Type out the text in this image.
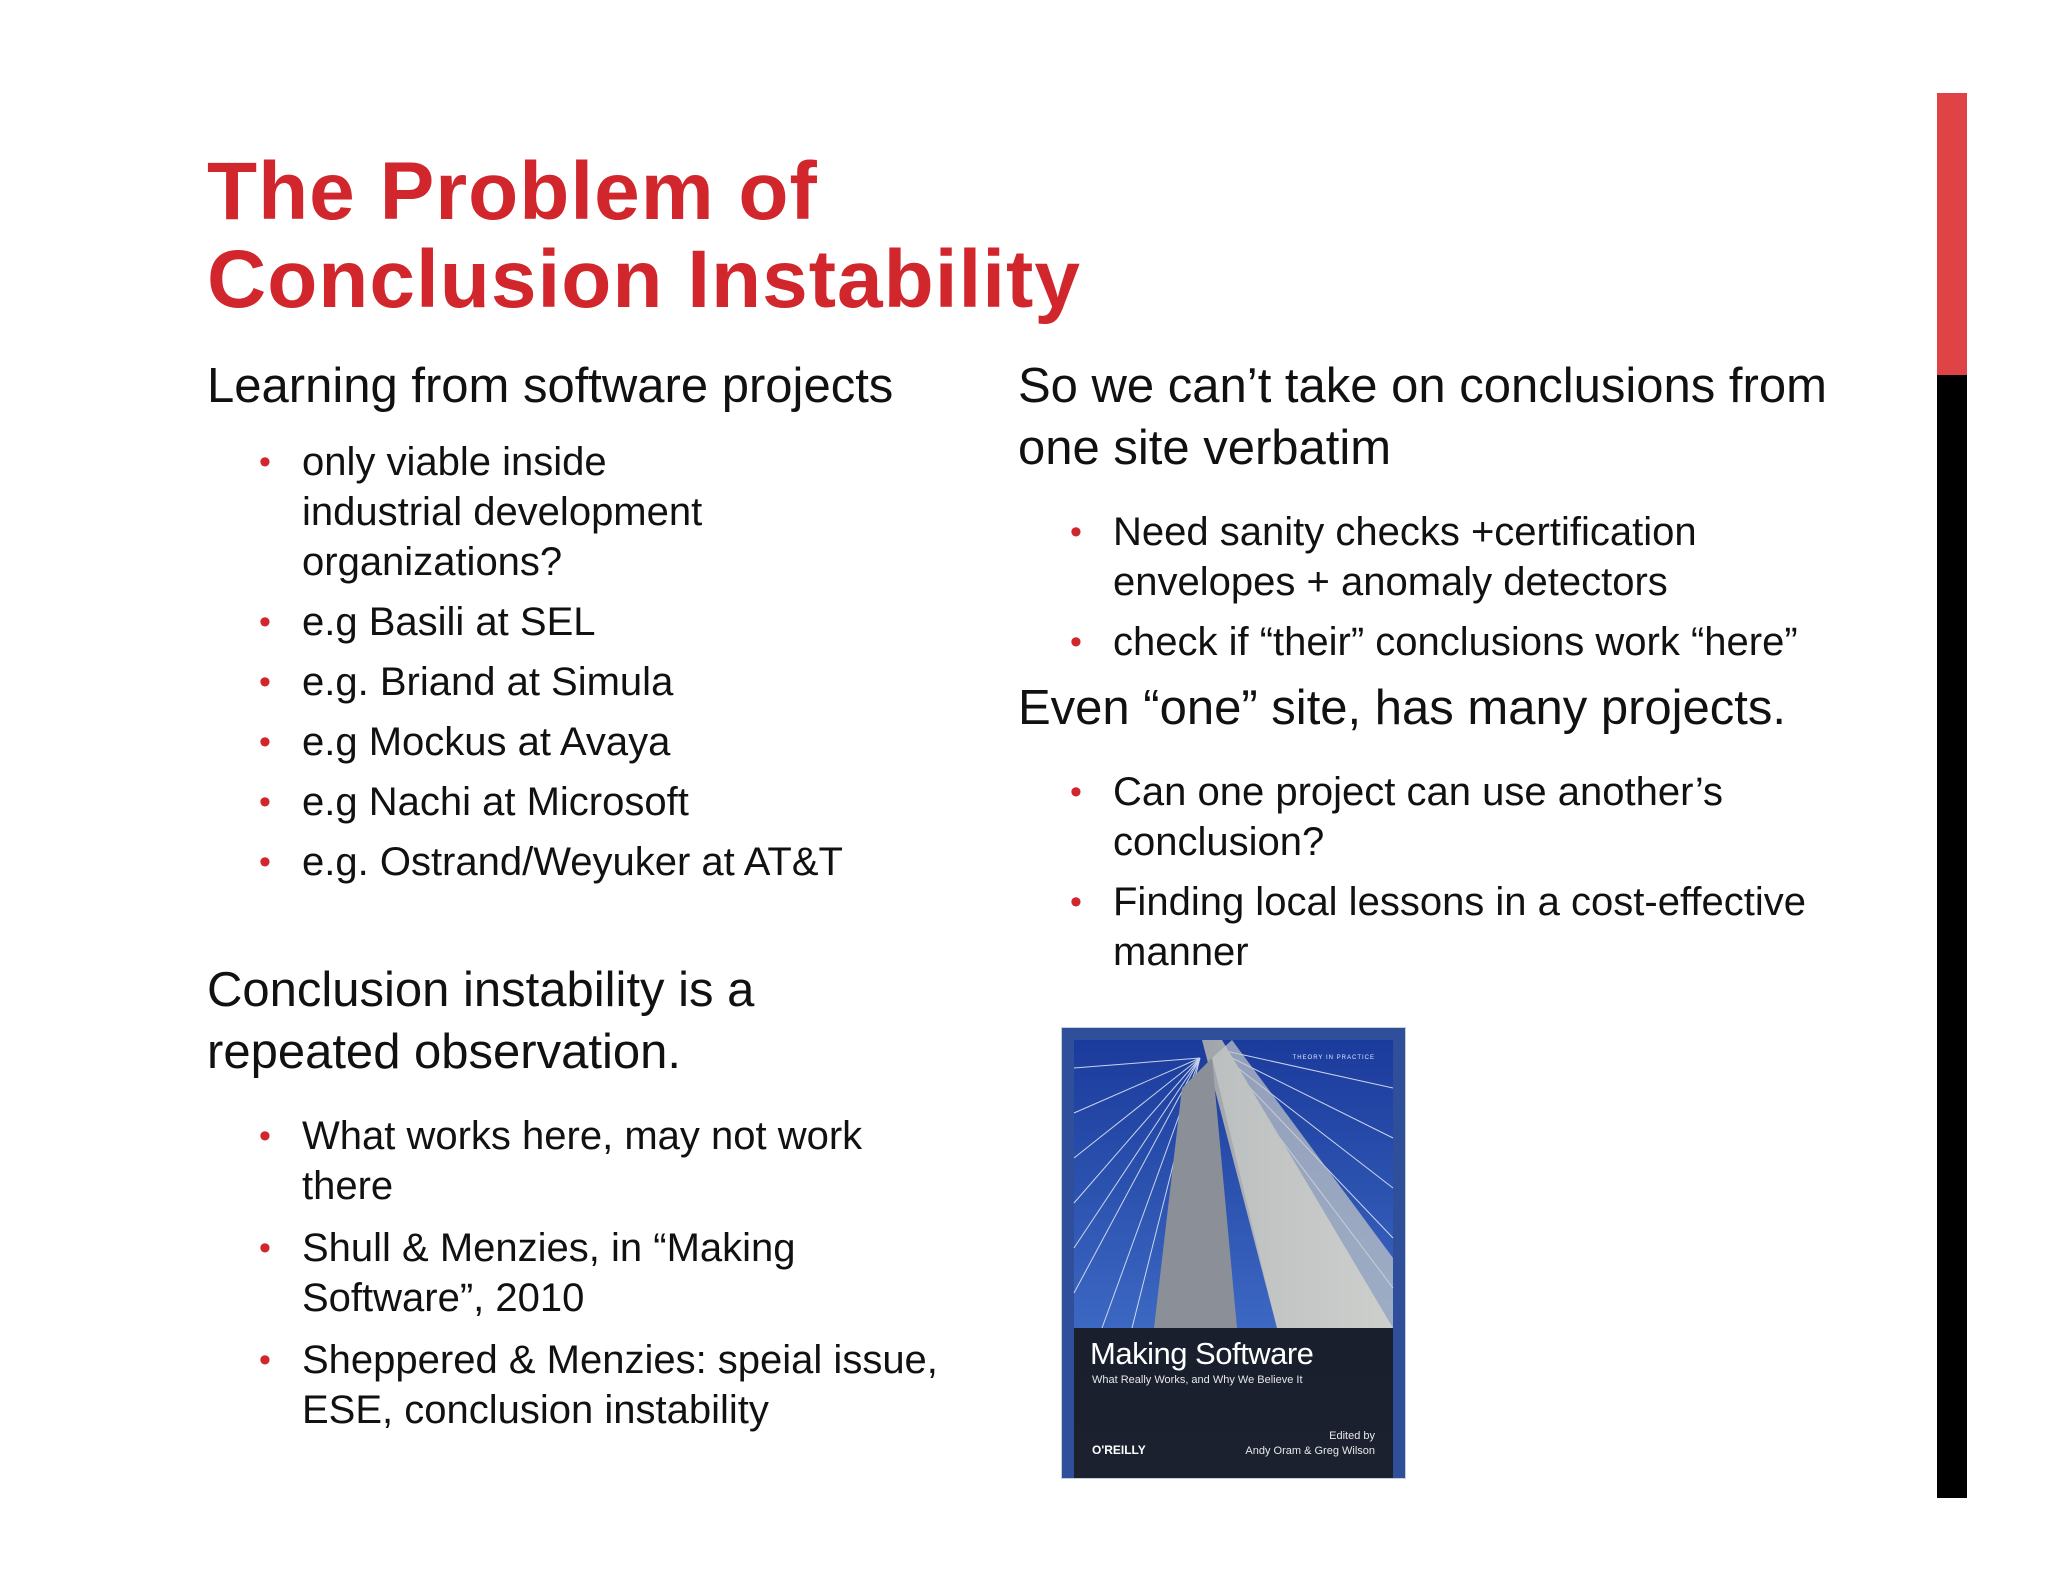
The Problem of
Conclusion Instability

Learning from software projects

• only viable inside industrial development organizations?
• e.g Basili at SEL
• e.g. Briand at Simula
• e.g Mockus at Avaya
• e.g Nachi at Microsoft
• e.g. Ostrand/Weyuker at AT&T

Conclusion instability is a repeated observation.

• What works here, may not work there
• Shull & Menzies, in “Making Software”, 2010
• Sheppered & Menzies: speial issue, ESE, conclusion instability

So we can’t take on conclusions from one site verbatim

• Need sanity checks +certification envelopes + anomaly detectors
• check if “their” conclusions work “here”

Even “one” site, has many projects.

• Can one project can use another’s conclusion?
• Finding local lessons in a cost-effective manner
THEORY IN PRACTICE
Making Software
What Really Works, and Why We Believe It
O'REILLY
Edited by
Andy Oram & Greg Wilson
